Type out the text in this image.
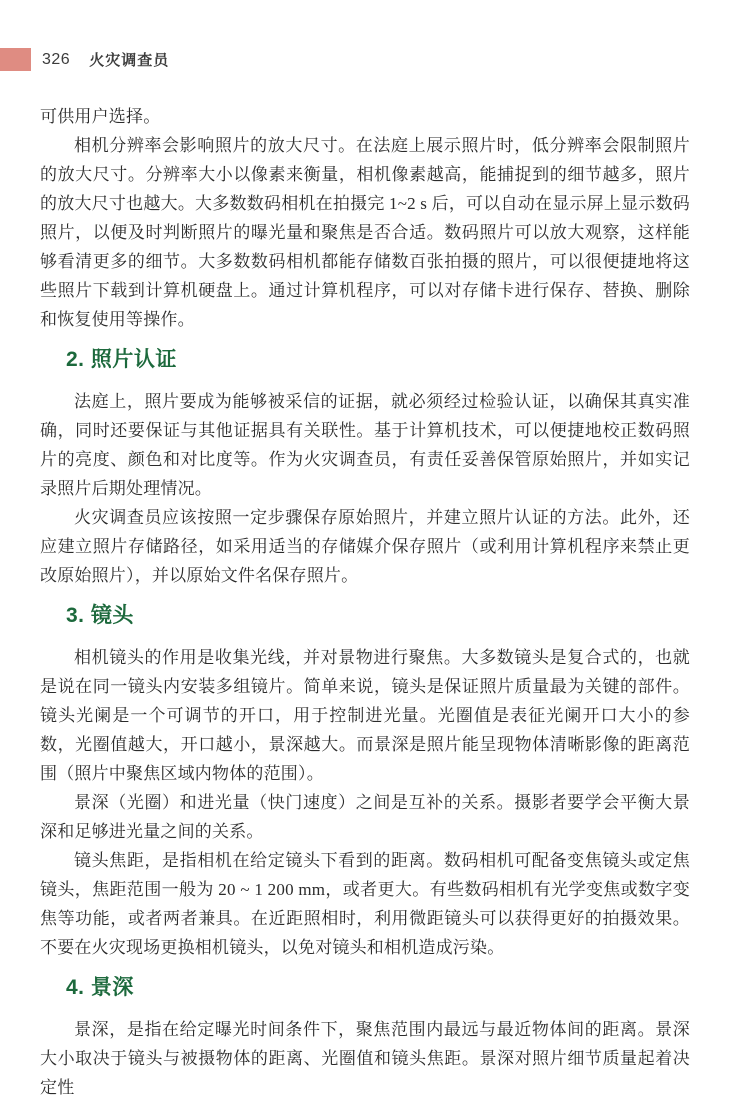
326 火灾调查员

可供用户选择。

相机分辨率会影响照片的放大尺寸。在法庭上展示照片时，低分辨率会限制照片的放大尺寸。分辨率大小以像素来衡量，相机像素越高，能捕捉到的细节越多，照片的放大尺寸也越大。大多数数码相机在拍摄完 1~2 s 后，可以自动在显示屏上显示数码照片，以便及时判断照片的曝光量和聚焦是否合适。数码照片可以放大观察，这样能够看清更多的细节。大多数数码相机都能存储数百张拍摄的照片，可以很便捷地将这些照片下载到计算机硬盘上。通过计算机程序，可以对存储卡进行保存、替换、删除和恢复使用等操作。

2. 照片认证

法庭上，照片要成为能够被采信的证据，就必须经过检验认证，以确保其真实准确，同时还要保证与其他证据具有关联性。基于计算机技术，可以便捷地校正数码照片的亮度、颜色和对比度等。作为火灾调查员，有责任妥善保管原始照片，并如实记录照片后期处理情况。

火灾调查员应该按照一定步骤保存原始照片，并建立照片认证的方法。此外，还应建立照片存储路径，如采用适当的存储媒介保存照片（或利用计算机程序来禁止更改原始照片），并以原始文件名保存照片。

3. 镜头

相机镜头的作用是收集光线，并对景物进行聚焦。大多数镜头是复合式的，也就是说在同一镜头内安装多组镜片。简单来说，镜头是保证照片质量最为关键的部件。镜头光阑是一个可调节的开口，用于控制进光量。光圈值是表征光阑开口大小的参数，光圈值越大，开口越小，景深越大。而景深是照片能呈现物体清晰影像的距离范围（照片中聚焦区域内物体的范围）。

景深（光圈）和进光量（快门速度）之间是互补的关系。摄影者要学会平衡大景深和足够进光量之间的关系。

镜头焦距，是指相机在给定镜头下看到的距离。数码相机可配备变焦镜头或定焦镜头，焦距范围一般为 20 ~ 1 200 mm，或者更大。有些数码相机有光学变焦或数字变焦等功能，或者两者兼具。在近距照相时，利用微距镜头可以获得更好的拍摄效果。不要在火灾现场更换相机镜头，以免对镜头和相机造成污染。

4. 景深

景深，是指在给定曝光时间条件下，聚焦范围内最远与最近物体间的距离。景深大小取决于镜头与被摄物体的距离、光圈值和镜头焦距。景深对照片细节质量起着决定性
